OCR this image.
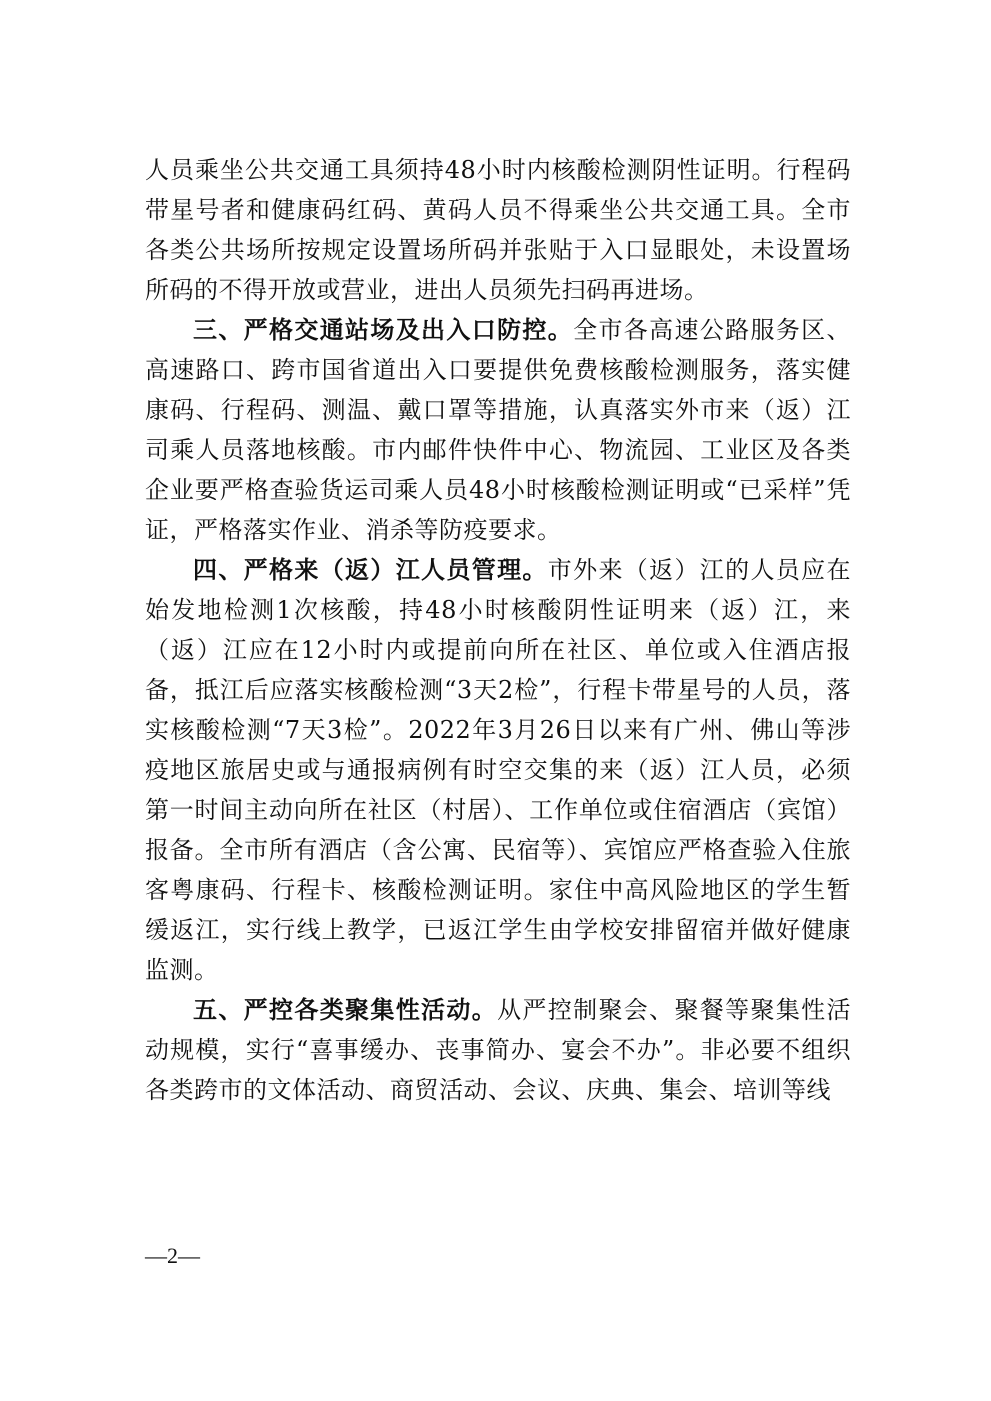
人员乘坐公共交通工具须持48小时内核酸检测阴性证明。行程码带星号者和健康码红码、黄码人员不得乘坐公共交通工具。全市各类公共场所按规定设置场所码并张贴于入口显眼处，未设置场所码的不得开放或营业，进出人员须先扫码再进场。

三、严格交通站场及出入口防控。全市各高速公路服务区、高速路口、跨市国省道出入口要提供免费核酸检测服务，落实健康码、行程码、测温、戴口罩等措施，认真落实外市来（返）江司乘人员落地核酸。市内邮件快件中心、物流园、工业区及各类企业要严格查验货运司乘人员48小时核酸检测证明或“已采样”凭证，严格落实作业、消杀等防疫要求。

四、严格来（返）江人员管理。市外来（返）江的人员应在始发地检测1次核酸，持48小时核酸阴性证明来（返）江，来（返）江应在12小时内或提前向所在社区、单位或入住酒店报备，抵江后应落实核酸检测“3天2检”，行程卡带星号的人员，落实核酸检测“7天3检”。2022年3月26日以来有广州、佛山等涉疫地区旅居史或与通报病例有时空交集的来（返）江人员，必须第一时间主动向所在社区（村居）、工作单位或住宿酒店（宾馆）报备。全市所有酒店（含公寓、民宿等）、宾馆应严格查验入住旅客粤康码、行程卡、核酸检测证明。家住中高风险地区的学生暂缓返江，实行线上教学，已返江学生由学校安排留宿并做好健康监测。

五、严控各类聚集性活动。从严控制聚会、聚餐等聚集性活动规模，实行“喜事缓办、丧事简办、宴会不办”。非必要不组织各类跨市的文体活动、商贸活动、会议、庆典、集会、培训等线

—2—
